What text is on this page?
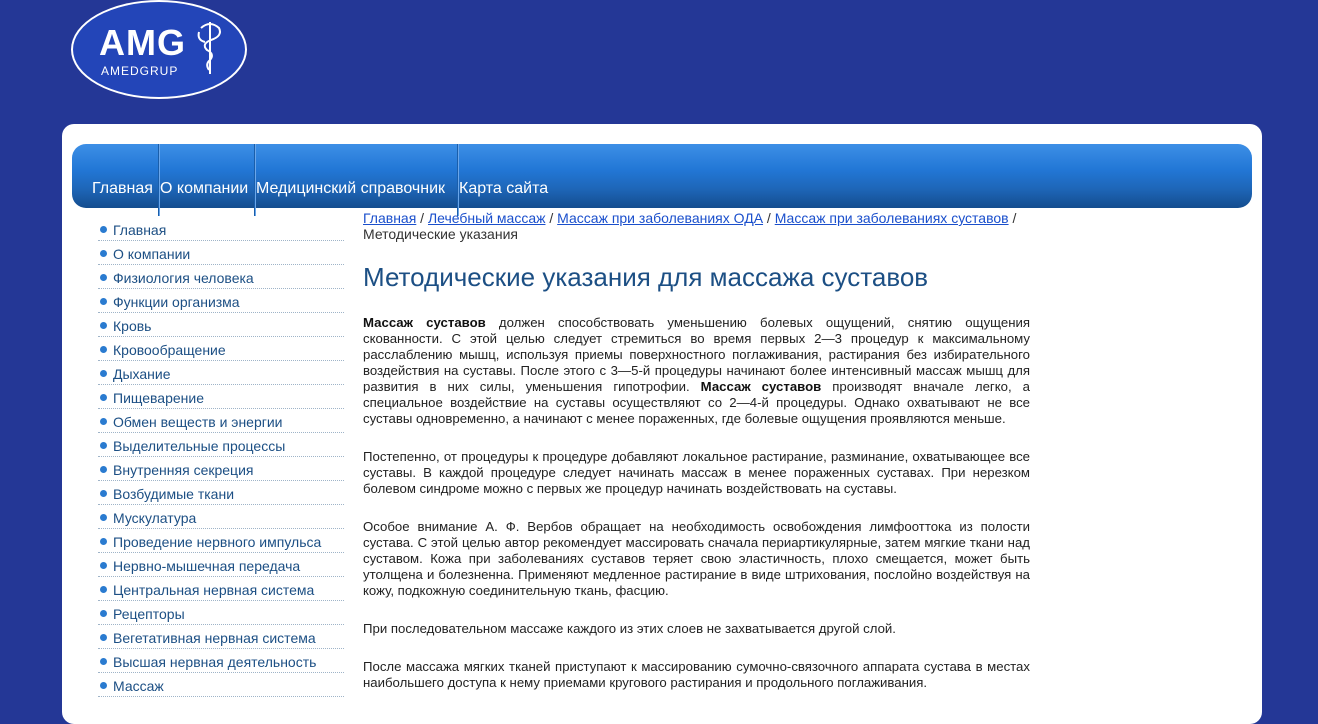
AMG
AMEDGRUP
Главная О компании Медицинский справочник Карта сайта
Главная
О компании
Физиология человека
Функции организма
Кровь
Кровообращение
Дыхание
Пищеварение
Обмен веществ и энергии
Выделительные процессы
Внутренняя секреция
Возбудимые ткани
Мускулатура
Проведение нервного импульса
Нервно-мышечная передача
Центральная нервная система
Рецепторы
Вегетативная нервная система
Высшая нервная деятельность
Массаж
Главная / Лечебный массаж / Массаж при заболеваниях ОДА / Массаж при заболеваниях суставов / Методические указания
Методические указания для массажа суставов

Массаж суставов должен способствовать уменьшению болевых ощущений, снятию ощущения скованности. С этой целью следует стремиться во время первых 2—3 процедур к максимальному расслаблению мышц, используя приемы поверхностного поглаживания, растирания без избирательного воздействия на суставы. После этого с 3—5-й процедуры начинают более интенсивный массаж мышц для развития в них силы, уменьшения гипотрофии. Массаж суставов производят вначале легко, а специальное воздействие на суставы осуществляют со 2—4-й процедуры. Однако охватывают не все суставы одновременно, а начинают с менее пораженных, где болевые ощущения проявляются меньше.

Постепенно, от процедуры к процедуре добавляют локальное растирание, разминание, охватывающее все суставы. В каждой процедуре следует начинать массаж в менее пораженных суставах. При нерезком болевом синдроме можно с первых же процедур начинать воздействовать на суставы.

Особое внимание А. Ф. Вербов обращает на необходимость освобождения лимфооттока из полости сустава. С этой целью автор рекомендует массировать сначала периартикулярные, затем мягкие ткани над суставом. Кожа при заболеваниях суставов теряет свою эластичность, плохо смещается, может быть утолщена и болезненна. Применяют медленное растирание в виде штрихования, послойно воздействуя на кожу, подкожную соединительную ткань, фасцию.

При последовательном массаже каждого из этих слоев не захватывается другой слой.

После массажа мягких тканей приступают к массированию сумочно-связочного аппарата сустава в местах наибольшего доступа к нему приемами кругового растирания и продольного поглаживания.
